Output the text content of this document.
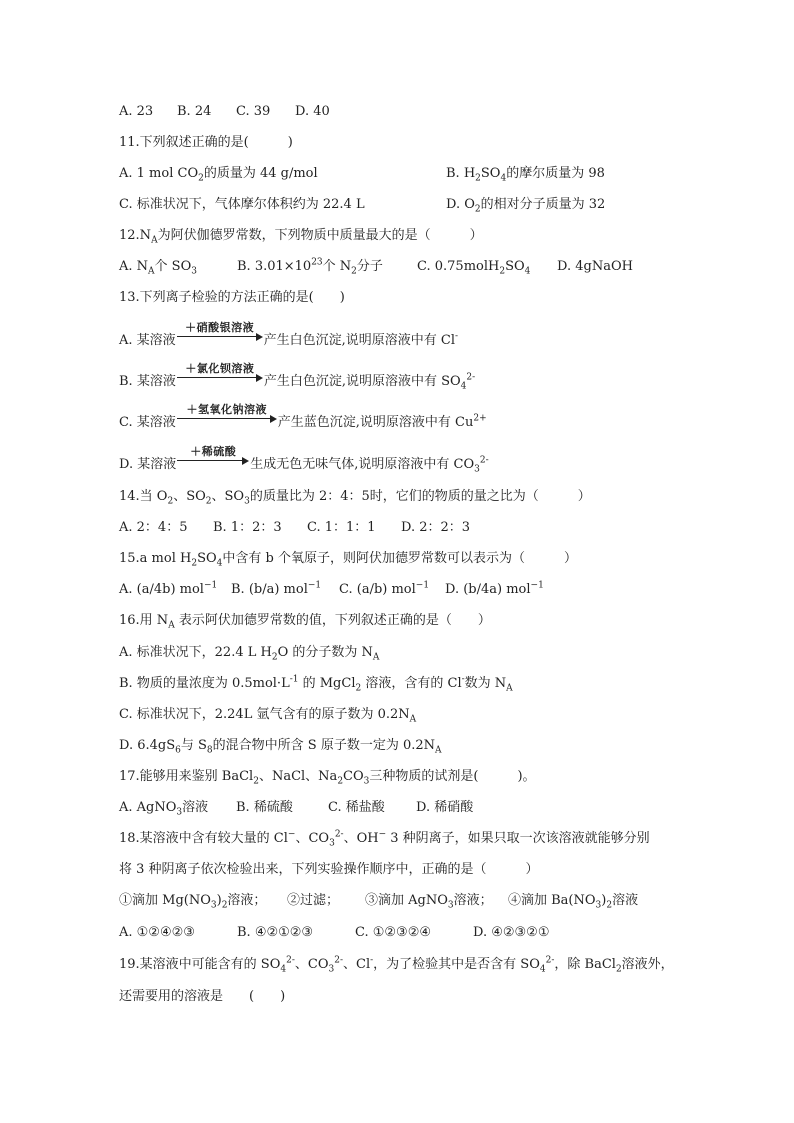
A. 23 B. 24 C. 39 D. 40
11.下列叙述正确的是(　　　)
A. 1 mol $CO_2$的质量为 44 g/mol	B. $H_2SO_4$的摩尔质量为 98
C. 标准状况下，气体摩尔体积约为 22.4 L	D. $O_2$的相对分子质量为 32
$12.N_A$为阿伏伽德罗常数，下列物质中质量最大的是（　　　）
A. $N_A$个 $SO_3$	B. $3.01\times 10^{23}$个 $N_2$分子	C. $0.75molH_2SO_4$ D. 4gNaOH
13.下列离子检验的方法正确的是(　　)
A. 某溶液
＋硝酸银溶液
产生白色沉淀,说明原溶液中有 Cl-
B. 某溶液
＋氯化钡溶液
产生白色沉淀,说明原溶液中有 $SO_4^{2-}$
C. 某溶液
＋氢氧化钠溶液
产生蓝色沉淀,说明原溶液中有 $Cu^{2+}$
D. 某溶液
＋稀硫酸
生成无色无味气体,说明原溶液中有 $CO_3^{2-}$
14.当 $O_2$、$SO_2$、$SO_3$的质量比为 2：4：5时，它们的物质的量之比为（　　　）
A. 2：4：5 B. 1：2：3 C. 1：1：1 D. 2：2：3
15.a mol $H_2SO_4$中含有 b 个氧原子，则阿伏加德罗常数可以表示为（　　　）
A. (a/4b) mol$^{-1}$ B. (b/a) mol$^{-1}$ C. (a/b) mol$^{-1}$ D. (b/4a) mol$^{-1}$
16.用 $N_A$ 表示阿伏加德罗常数的值，下列叙述正确的是（　　）
A. 标准状况下，22.4 L $H_2O$ 的分子数为 $N_A$
B. 物质的量浓度为 $0.5mol\cdot L^{-1}$ 的 MgCl$_2$ 溶液，含有的 Cl-数为 $N_A$
C. 标准状况下，2.24L 氩气含有的原子数为 $0.2N_A$
D. $6.4gS_6$与 $S_8$的混合物中所含 S 原子数一定为 $0.2N_A$
17.能够用来鉴别 BaCl$_2$、NaCl、$Na_2CO_3$三种物质的试剂是(　　　)。
A. AgNO$_3$溶液 B. 稀硫酸	C. 稀盐酸 D. 稀硝酸
18.某溶液中含有较大量的 Cl−、$CO_3^{2-}$、OH− 3 种阴离子，如果只取一次该溶液就能够分别
将 3 种阴离子依次检验出来，下列实验操作顺序中，正确的是（　　　）
①滴加 $Mg(NO_3)_2$溶液； ②过滤； ③滴加 AgNO$_3$溶液； ④滴加 $Ba(NO_3)_2$溶液
A. ①②④②③	B. ④②①②③	C. ①②③②④	D. ④②③②①
19.某溶液中可能含有的 $SO_4^{2-}$、$CO_3^{2-}$、Cl-，为了检验其中是否含有 $SO_4^{2-}$，除 BaCl$_2$溶液外，
还需要用的溶液是　　(　　)
